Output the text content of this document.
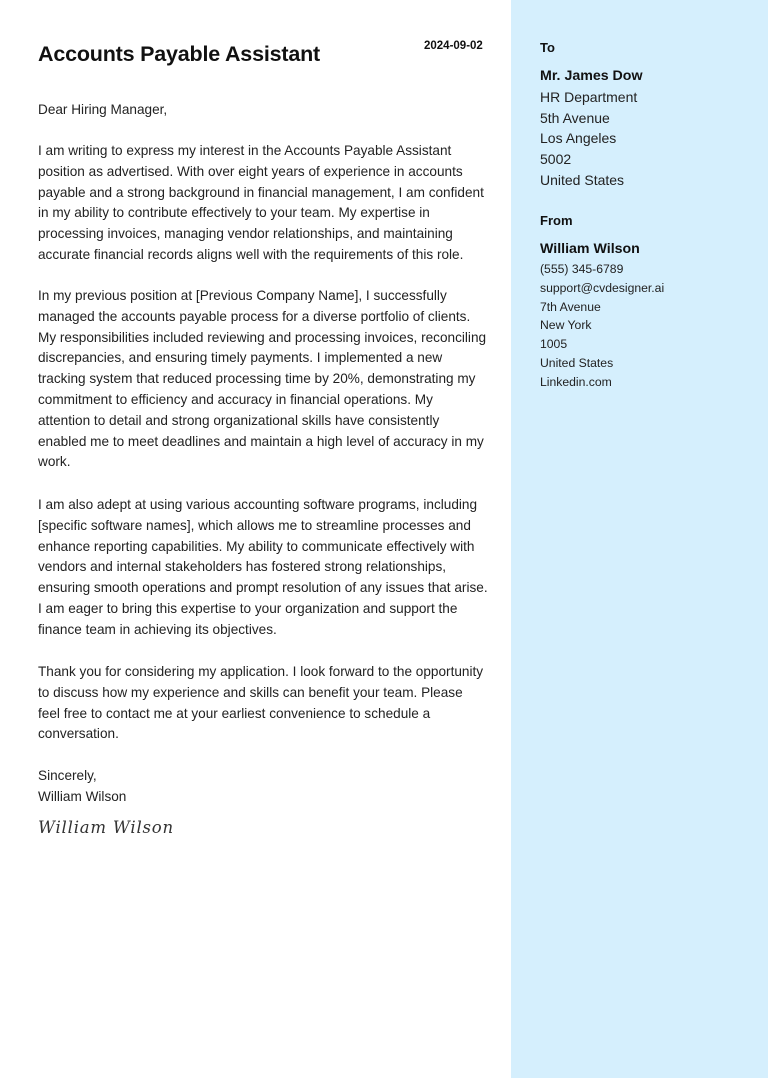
Accounts Payable Assistant	2024-09-02

Dear Hiring Manager,

I am writing to express my interest in the Accounts Payable Assistant position as advertised. With over eight years of experience in accounts payable and a strong background in financial management, I am confident in my ability to contribute effectively to your team. My expertise in processing invoices, managing vendor relationships, and maintaining accurate financial records aligns well with the requirements of this role.

In my previous position at [Previous Company Name], I successfully managed the accounts payable process for a diverse portfolio of clients. My responsibilities included reviewing and processing invoices, reconciling discrepancies, and ensuring timely payments. I implemented a new tracking system that reduced processing time by 20%, demonstrating my commitment to efficiency and accuracy in financial operations. My attention to detail and strong organizational skills have consistently enabled me to meet deadlines and maintain a high level of accuracy in my work.

I am also adept at using various accounting software programs, including [specific software names], which allows me to streamline processes and enhance reporting capabilities. My ability to communicate effectively with vendors and internal stakeholders has fostered strong relationships, ensuring smooth operations and prompt resolution of any issues that arise. I am eager to bring this expertise to your organization and support the finance team in achieving its objectives.

Thank you for considering my application. I look forward to the opportunity to discuss how my experience and skills can benefit your team. Please feel free to contact me at your earliest convenience to schedule a conversation.

Sincerely,
William Wilson
William Wilson
To
Mr. James Dow
HR Department
5th Avenue
Los Angeles
5002
United States
From
William Wilson
(555) 345-6789
support@cvdesigner.ai
7th Avenue
New York
1005
United States
Linkedin.com
